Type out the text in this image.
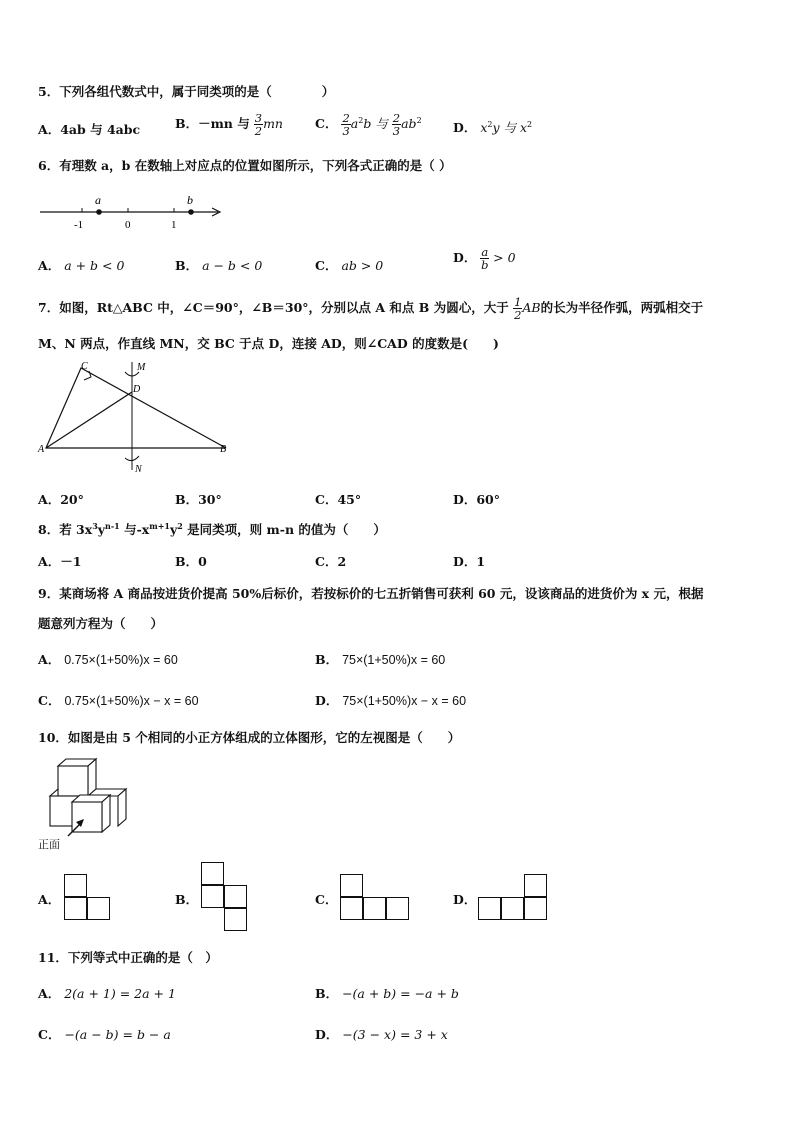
5．下列各组代数式中，属于同类项的是（　　　　）
A．4ab 与 4abc	B．－mn 与 $\frac{3}{2}$ mn	C． $\frac{2}{3} a^2b$ 与 $\frac{2}{3} ab^2$	D． $x^2y$ 与 $x^2$
6．有理数 a，b 在数轴上对应点的位置如图所示，下列各式正确的是（ ）
a	b
-1	0	1
A． a + b < 0	B． a − b < 0	C． ab > 0
D． $\frac{a}{b} > 0$
7．如图，Rt△ABC 中，∠C＝90°，∠B＝30°，分别以点 A 和点 B 为圆心，大于 $\frac{1}{2}$ AB的长为半径作弧，两弧相交于
M、N 两点，作直线 MN，交 BC 于点 D，连接 AD，则∠CAD 的度数是(　　)
C	M
D
A	B
N
A．20°	B．30°	C．45°	D．60°
8．若 $3x^3y^{n-1}$ 与$-x^{m+1}y^2$ 是同类项，则 m-n 的值为（　　）
A．－1	B．0	C．2	D．1
9．某商场将 A 商品按进货价提高 50%后标价，若按标价的七五折销售可获利 60 元，设该商品的进货价为 x 元，根据
题意列方程为（　　）
A． 0.75×(1+50%)x = 60	B． 75×(1+50%)x = 60
C． 0.75×(1+50%)x − x = 60	D． 75×(1+50%)x − x = 60
10．如图是由 5 个相同的小正方体组成的立体图形，它的左视图是（　　）
正面
A．	B．	C．	D．
11．下列等式中正确的是（　）
A． 2(a + 1) = 2a + 1	B． −(a + b) = −a + b
C． −(a − b) = b − a	D． −(3 − x) = 3 + x
